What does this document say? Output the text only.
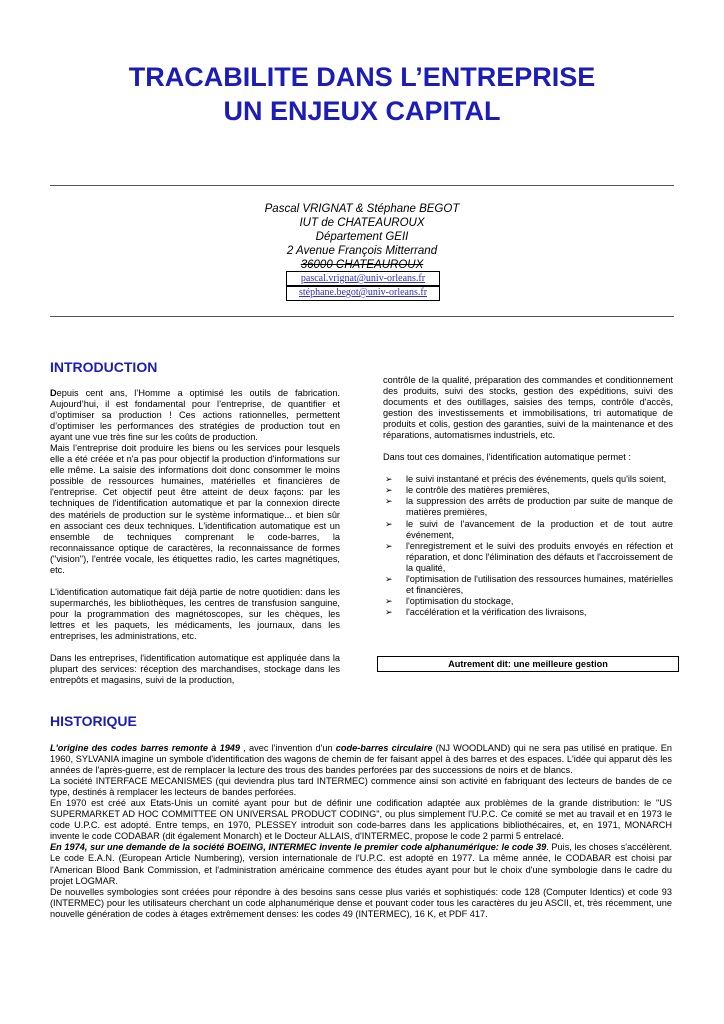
TRACABILITE DANS L’ENTREPRISE
UN ENJEUX CAPITAL
Pascal VRIGNAT & Stéphane BEGOT
IUT de CHATEAUROUX
Département GEII
2 Avenue François Mitterrand
36000 CHATEAUROUX
pascal.vrignat@univ-orleans.fr
stéphane.begot@univ-orleans.fr
INTRODUCTION

Depuis cent ans, l’Homme a optimisé les outils de fabrication. Aujourd’hui, il est fondamental pour l’entreprise, de quantifier et d’optimiser sa production ! Ces actions rationnelles, permettent d’optimiser les performances des stratégies de production tout en ayant une vue très fine sur les coûts de production.

Mais l’entreprise doit produire les biens ou les services pour lesquels elle a été créée et n'a pas pour objectif la production d'informations sur elle même. La saisie des informations doit donc consommer le moins possible de ressources humaines, matérielles et financières de l'entreprise. Cet objectif peut être atteint de deux façons: par les techniques de l'identification automatique et par la connexion directe des matériels de production sur le système informatique... et bien sûr en associant ces deux techniques. L'identification automatique est un ensemble de techniques comprenant le code-barres, la reconnaissance optique de caractères, la reconnaissance de formes ("vision"), l'entrée vocale, les étiquettes radio, les cartes magnétiques, etc.

L'identification automatique fait déjà partie de notre quotidien: dans les supermarchés, les bibliothèques, les centres de transfusion sanguine, pour la programmation des magnétoscopes, sur les chèques, les lettres et les paquets, les médicaments, les journaux, dans les entreprises, les administrations, etc.

Dans les entreprises, l'identification automatique est appliquée dans la plupart des services: réception des marchandises, stockage dans les entrepôts et magasins, suivi de la production,

contrôle de la qualité, préparation des commandes et conditionnement des produits, suivi des stocks, gestion des expéditions, suivi des documents et des outillages, saisies des temps, contrôle d'accès, gestion des investissements et immobilisations, tri automatique de produits et colis, gestion des garanties, suivi de la maintenance et des réparations, automatismes industriels, etc.

Dans tout ces domaines, l'identification automatique permet :

➢ le suivi instantané et précis des événements, quels qu'ils soient,
➢ le contrôle des matières premières,
➢ la suppression des arrêts de production par suite de manque de matières premières,
➢ le suivi de l'avancement de la production et de tout autre événement,
➢ l'enregistrement et le suivi des produits envoyés en réfection et réparation, et donc l'élimination des défauts et l'accroissement de la qualité,
➢ l'optimisation de l'utilisation des ressources humaines, matérielles et financières,
➢ l'optimisation du stockage,
➢ l'accélération et la vérification des livraisons,
Autrement dit: une meilleure gestion
HISTORIQUE

L'origine des codes barres remonte à 1949 , avec l'invention d'un code-barres circulaire (NJ WOODLAND) qui ne sera pas utilisé en pratique. En 1960, SYLVANIA imagine un symbole d'identification des wagons de chemin de fer faisant appel à des barres et des espaces. L'idée qui apparut dès les années de l'après-guerre, est de remplacer la lecture des trous des bandes perforées par des successions de noirs et de blancs.

La société INTERFACE MECANISMES (qui deviendra plus tard INTERMEC) commence ainsi son activité en fabriquant des lecteurs de bandes de ce type, destinés à remplacer les lecteurs de bandes perforées.

En 1970 est créé aux Etats-Unis un comité ayant pour but de définir une codification adaptée aux problèmes de la grande distribution: le "US SUPERMARKET AD HOC COMMITTEE ON UNIVERSAL PRODUCT CODING", ou plus simplement l'U.P.C. Ce comité se met au travail et en 1973 le code U.P.C. est adopté. Entre temps, en 1970, PLESSEY introduit son code-barres dans les applications bibliothécaires, et, en 1971, MONARCH invente le code CODABAR (dit également Monarch) et le Docteur ALLAIS, d'INTERMEC, propose le code 2 parmi 5 entrelacé.

En 1974, sur une demande de la société BOEING, INTERMEC invente le premier code alphanumérique: le code 39. Puis, les choses s'accélèrent. Le code E.A.N. (European Article Numbering), version internationale de l'U.P.C. est adopté en 1977. La même année, le CODABAR est choisi par l'American Blood Bank Commission, et l'administration américaine commence des études ayant pour but le choix d'une symbologie dans le cadre du projet LOGMAR.

De nouvelles symbologies sont créées pour répondre à des besoins sans cesse plus variés et sophistiqués: code 128 (Computer Identics) et code 93 (INTERMEC) pour les utilisateurs cherchant un code alphanumérique dense et pouvant coder tous les caractères du jeu ASCII, et, très récemment, une nouvelle génération de codes à étages extrêmement denses: les codes 49 (INTERMEC), 16 K, et PDF 417.
